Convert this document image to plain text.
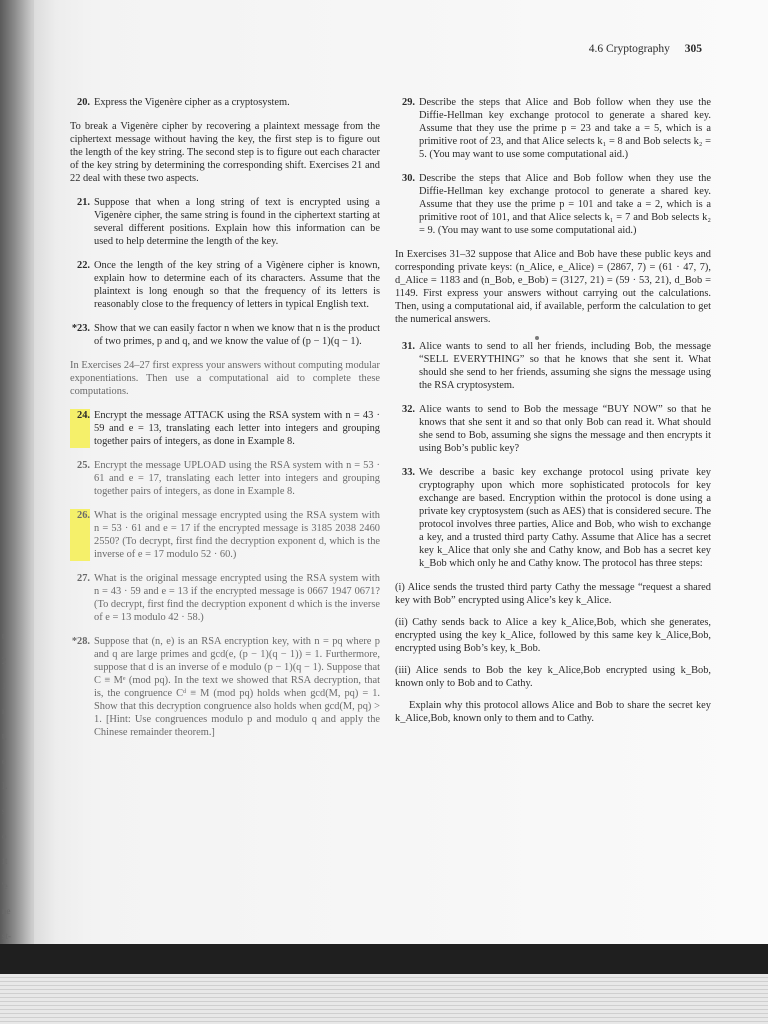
4.6 Cryptography 305
t
2
1
r
t,
e
L
s
o
ft
'e
ne
st-
20. Express the Vigenère cipher as a cryptosystem.

To break a Vigenère cipher by recovering a plaintext message from the ciphertext message without having the key, the first step is to figure out the length of the key string. The second step is to figure out each character of the key string by determining the corresponding shift. Exercises 21 and 22 deal with these two aspects.

21. Suppose that when a long string of text is encrypted using a Vigenère cipher, the same string is found in the ciphertext starting at several different positions. Explain how this information can be used to help determine the length of the key.
22. Once the length of the key string of a Vigènere cipher is known, explain how to determine each of its characters. Assume that the plaintext is long enough so that the frequency of its letters is reasonably close to the frequency of letters in typical English text.
*23. Show that we can easily factor n when we know that n is the product of two primes, p and q, and we know the value of (p − 1)(q − 1).

In Exercises 24–27 first express your answers without computing modular exponentiations. Then use a computational aid to complete these computations.

24. Encrypt the message ATTACK using the RSA system with n = 43 · 59 and e = 13, translating each letter into integers and grouping together pairs of integers, as done in Example 8.
25. Encrypt the message UPLOAD using the RSA system with n = 53 · 61 and e = 17, translating each letter into integers and grouping together pairs of integers, as done in Example 8.
26. What is the original message encrypted using the RSA system with n = 53 · 61 and e = 17 if the encrypted message is 3185 2038 2460 2550? (To decrypt, first find the decryption exponent d, which is the inverse of e = 17 modulo 52 · 60.)
27. What is the original message encrypted using the RSA system with n = 43 · 59 and e = 13 if the encrypted message is 0667 1947 0671? (To decrypt, first find the decryption exponent d which is the inverse of e = 13 modulo 42 · 58.)
*28. Suppose that (n, e) is an RSA encryption key, with n = pq where p and q are large primes and gcd(e, (p − 1)(q − 1)) = 1. Furthermore, suppose that d is an inverse of e modulo (p − 1)(q − 1). Suppose that C ≡ Mᵉ (mod pq). In the text we showed that RSA decryption, that is, the congruence Cᵈ ≡ M (mod pq) holds when gcd(M, pq) = 1. Show that this decryption congruence also holds when gcd(M, pq) > 1. [Hint: Use congruences modulo p and modulo q and apply the Chinese remainder theorem.]
29. Describe the steps that Alice and Bob follow when they use the Diffie-Hellman key exchange protocol to generate a shared key. Assume that they use the prime p = 23 and take a = 5, which is a primitive root of 23, and that Alice selects k₁ = 8 and Bob selects k₂ = 5. (You may want to use some computational aid.)
30. Describe the steps that Alice and Bob follow when they use the Diffie-Hellman key exchange protocol to generate a shared key. Assume that they use the prime p = 101 and take a = 2, which is a primitive root of 101, and that Alice selects k₁ = 7 and Bob selects k₂ = 9. (You may want to use some computational aid.)

In Exercises 31–32 suppose that Alice and Bob have these public keys and corresponding private keys: (n_Alice, e_Alice) = (2867, 7) = (61 · 47, 7), d_Alice = 1183 and (n_Bob, e_Bob) = (3127, 21) = (59 · 53, 21), d_Bob = 1149. First express your answers without carrying out the calculations. Then, using a computational aid, if available, perform the calculation to get the numerical answers.

31. Alice wants to send to all her friends, including Bob, the message “SELL EVERYTHING” so that he knows that she sent it. What should she send to her friends, assuming she signs the message using the RSA cryptosystem.
32. Alice wants to send to Bob the message “BUY NOW” so that he knows that she sent it and so that only Bob can read it. What should she send to Bob, assuming she signs the message and then encrypts it using Bob’s public key?
33. We describe a basic key exchange protocol using private key cryptography upon which more sophisticated protocols for key exchange are based. Encryption within the protocol is done using a private key cryptosystem (such as AES) that is considered secure. The protocol involves three parties, Alice and Bob, who wish to exchange a key, and a trusted third party Cathy. Assume that Alice has a secret key k_Alice that only she and Cathy know, and Bob has a secret key k_Bob which only he and Cathy know. The protocol has three steps:

(i) Alice sends the trusted third party Cathy the message “request a shared key with Bob” encrypted using Alice’s key k_Alice.

(ii) Cathy sends back to Alice a key k_Alice,Bob, which she generates, encrypted using the key k_Alice, followed by this same key k_Alice,Bob, encrypted using Bob’s key, k_Bob.

(iii) Alice sends to Bob the key k_Alice,Bob encrypted using k_Bob, known only to Bob and to Cathy.

Explain why this protocol allows Alice and Bob to share the secret key k_Alice,Bob, known only to them and to Cathy.
